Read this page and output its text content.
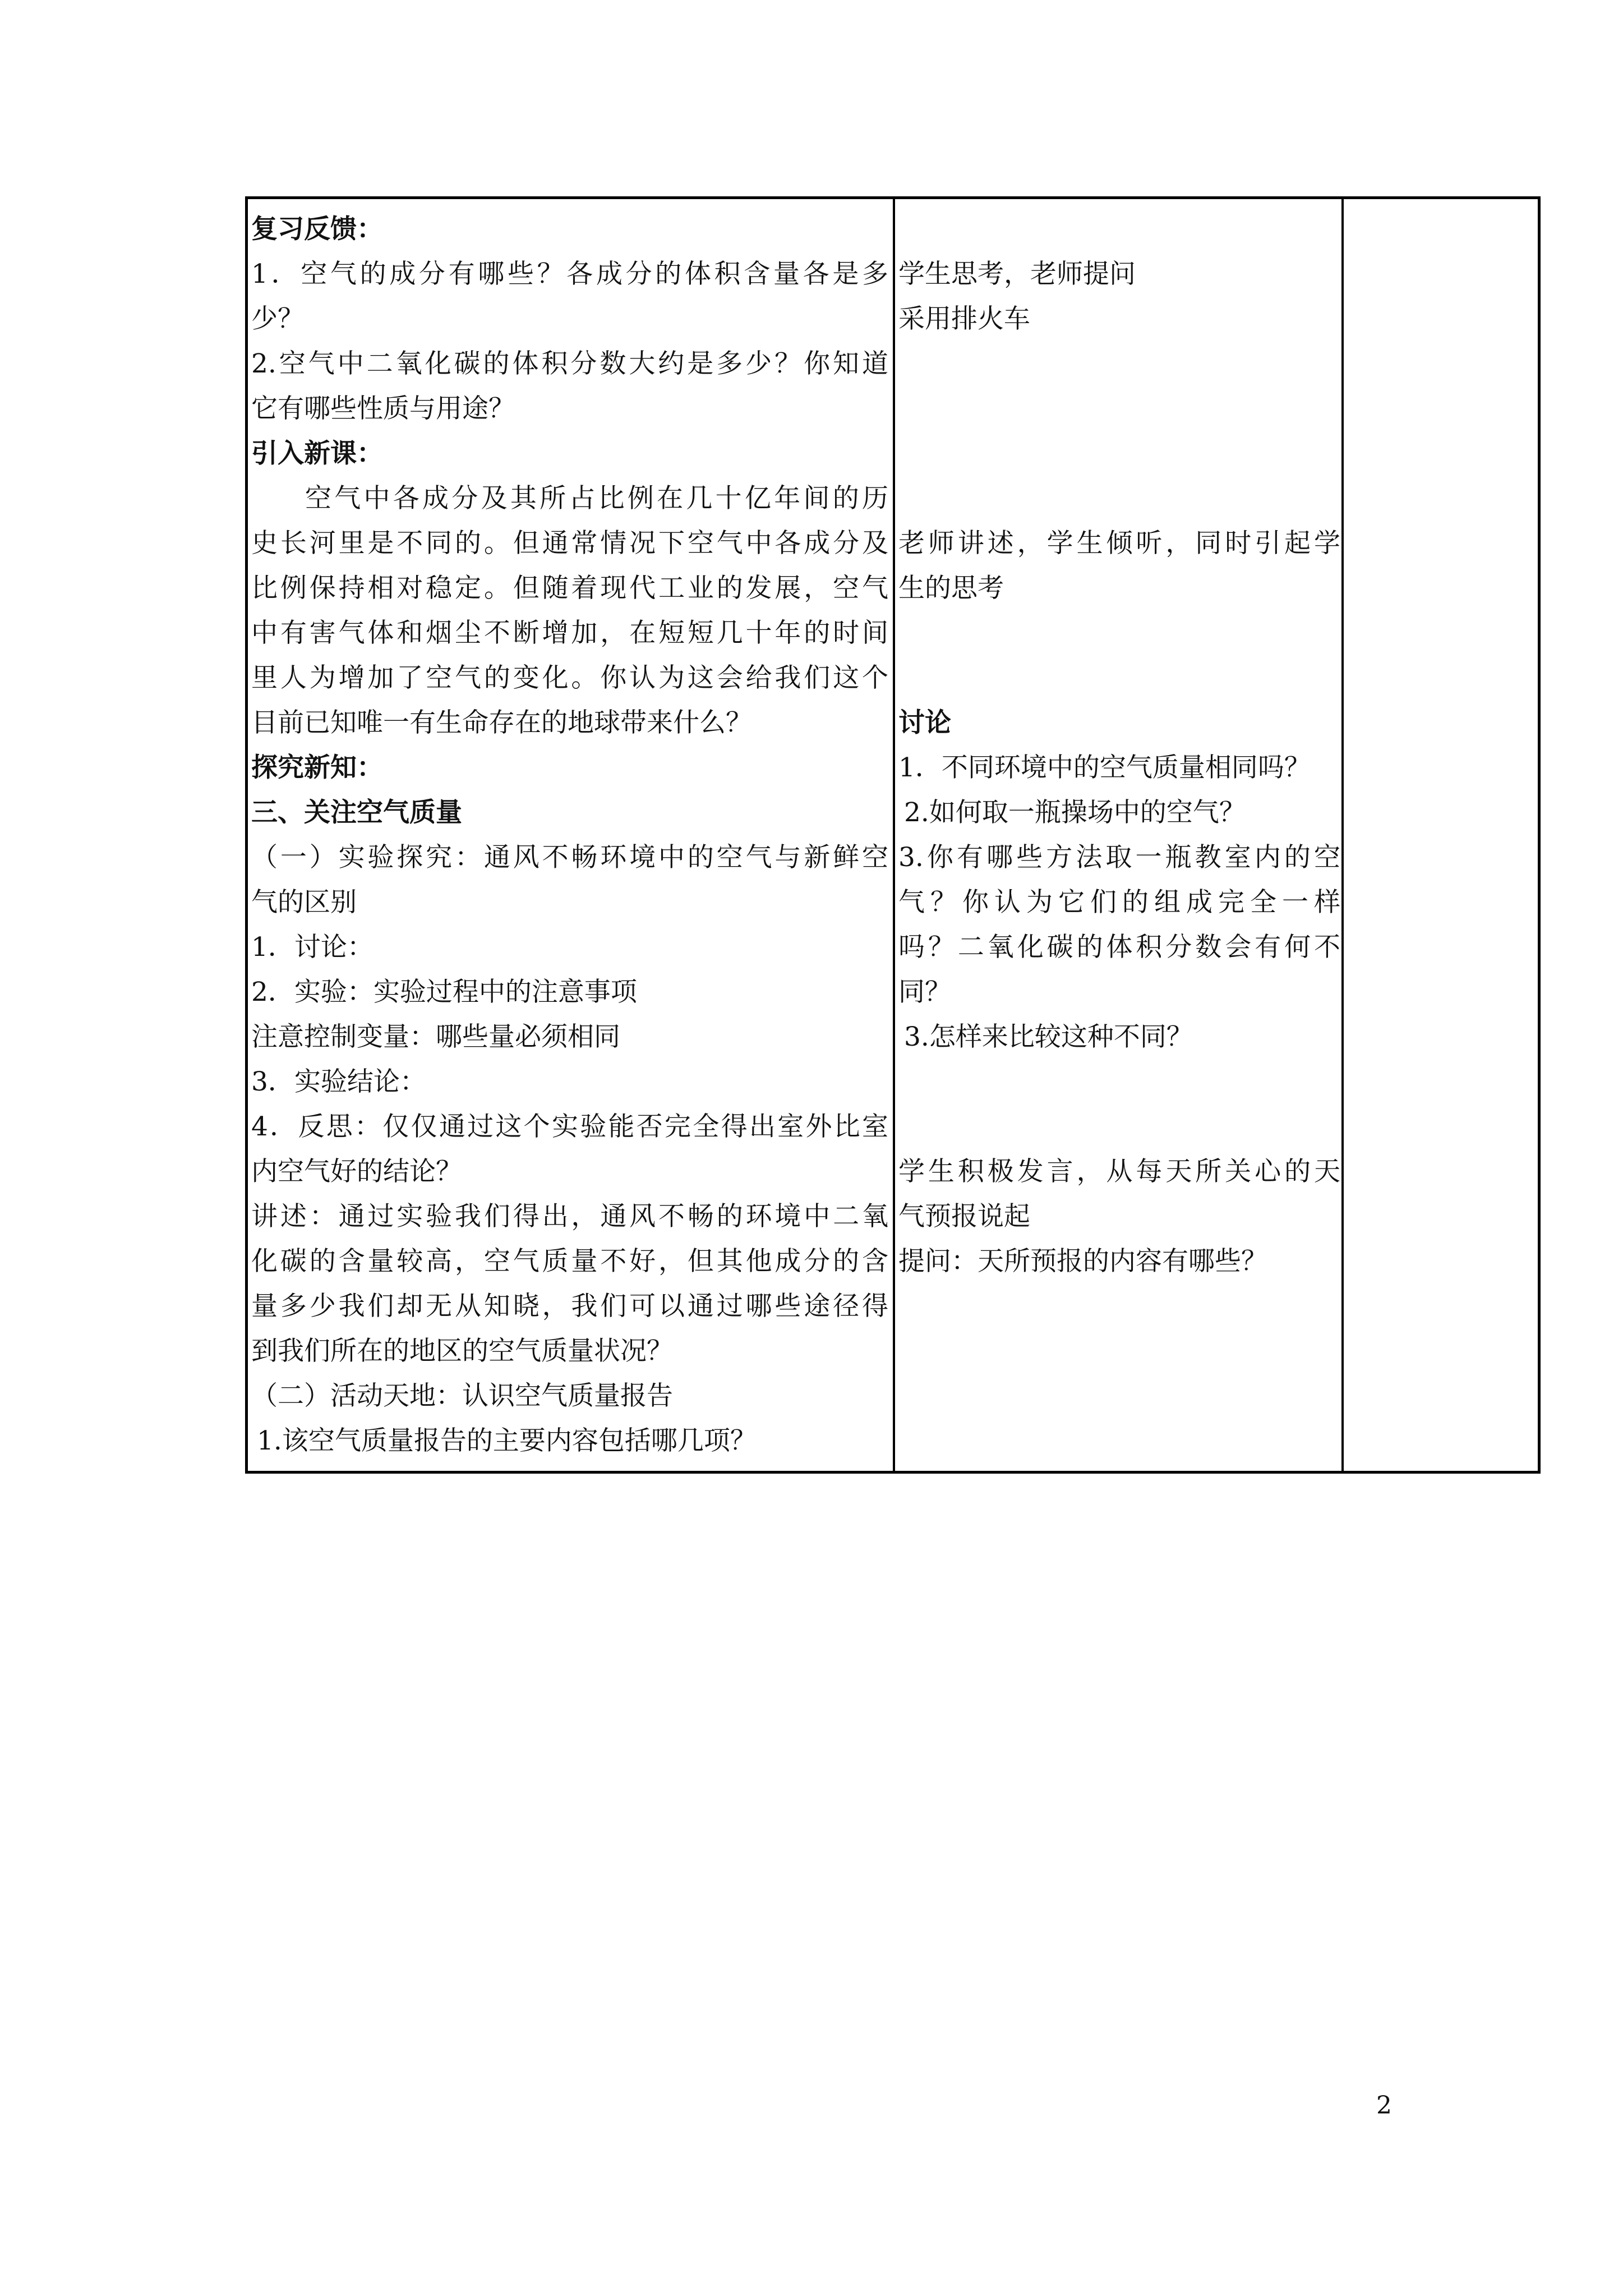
复习反馈：
1．空气的成分有哪些？各成分的体积含量各是多
少？
2.空气中二氧化碳的体积分数大约是多少？你知道
它有哪些性质与用途？
引入新课：
空气中各成分及其所占比例在几十亿年间的历
史长河里是不同的。但通常情况下空气中各成分及
比例保持相对稳定。但随着现代工业的发展，空气
中有害气体和烟尘不断增加，在短短几十年的时间
里人为增加了空气的变化。你认为这会给我们这个
目前已知唯一有生命存在的地球带来什么？
探究新知：
三、关注空气质量
（一）实验探究：通风不畅环境中的空气与新鲜空
气的区别
1．讨论：
2．实验：实验过程中的注意事项
注意控制变量：哪些量必须相同
3．实验结论：
4．反思：仅仅通过这个实验能否完全得出室外比室
内空气好的结论？
讲述：通过实验我们得出，通风不畅的环境中二氧
化碳的含量较高，空气质量不好，但其他成分的含
量多少我们却无从知晓，我们可以通过哪些途径得
到我们所在的地区的空气质量状况？
（二）活动天地：认识空气质量报告
1.该空气质量报告的主要内容包括哪几项？

学生思考，老师提问
采用排火车

老师讲述，学生倾听，同时引起学
生的思考

讨论
1．不同环境中的空气质量相同吗？
2.如何取一瓶操场中的空气？
3.你有哪些方法取一瓶教室内的空
气？你认为它们的组成完全一样
吗？二氧化碳的体积分数会有何不
同？
3.怎样来比较这种不同？

学生积极发言，从每天所关心的天
气预报说起
提问：天所预报的内容有哪些？
2
